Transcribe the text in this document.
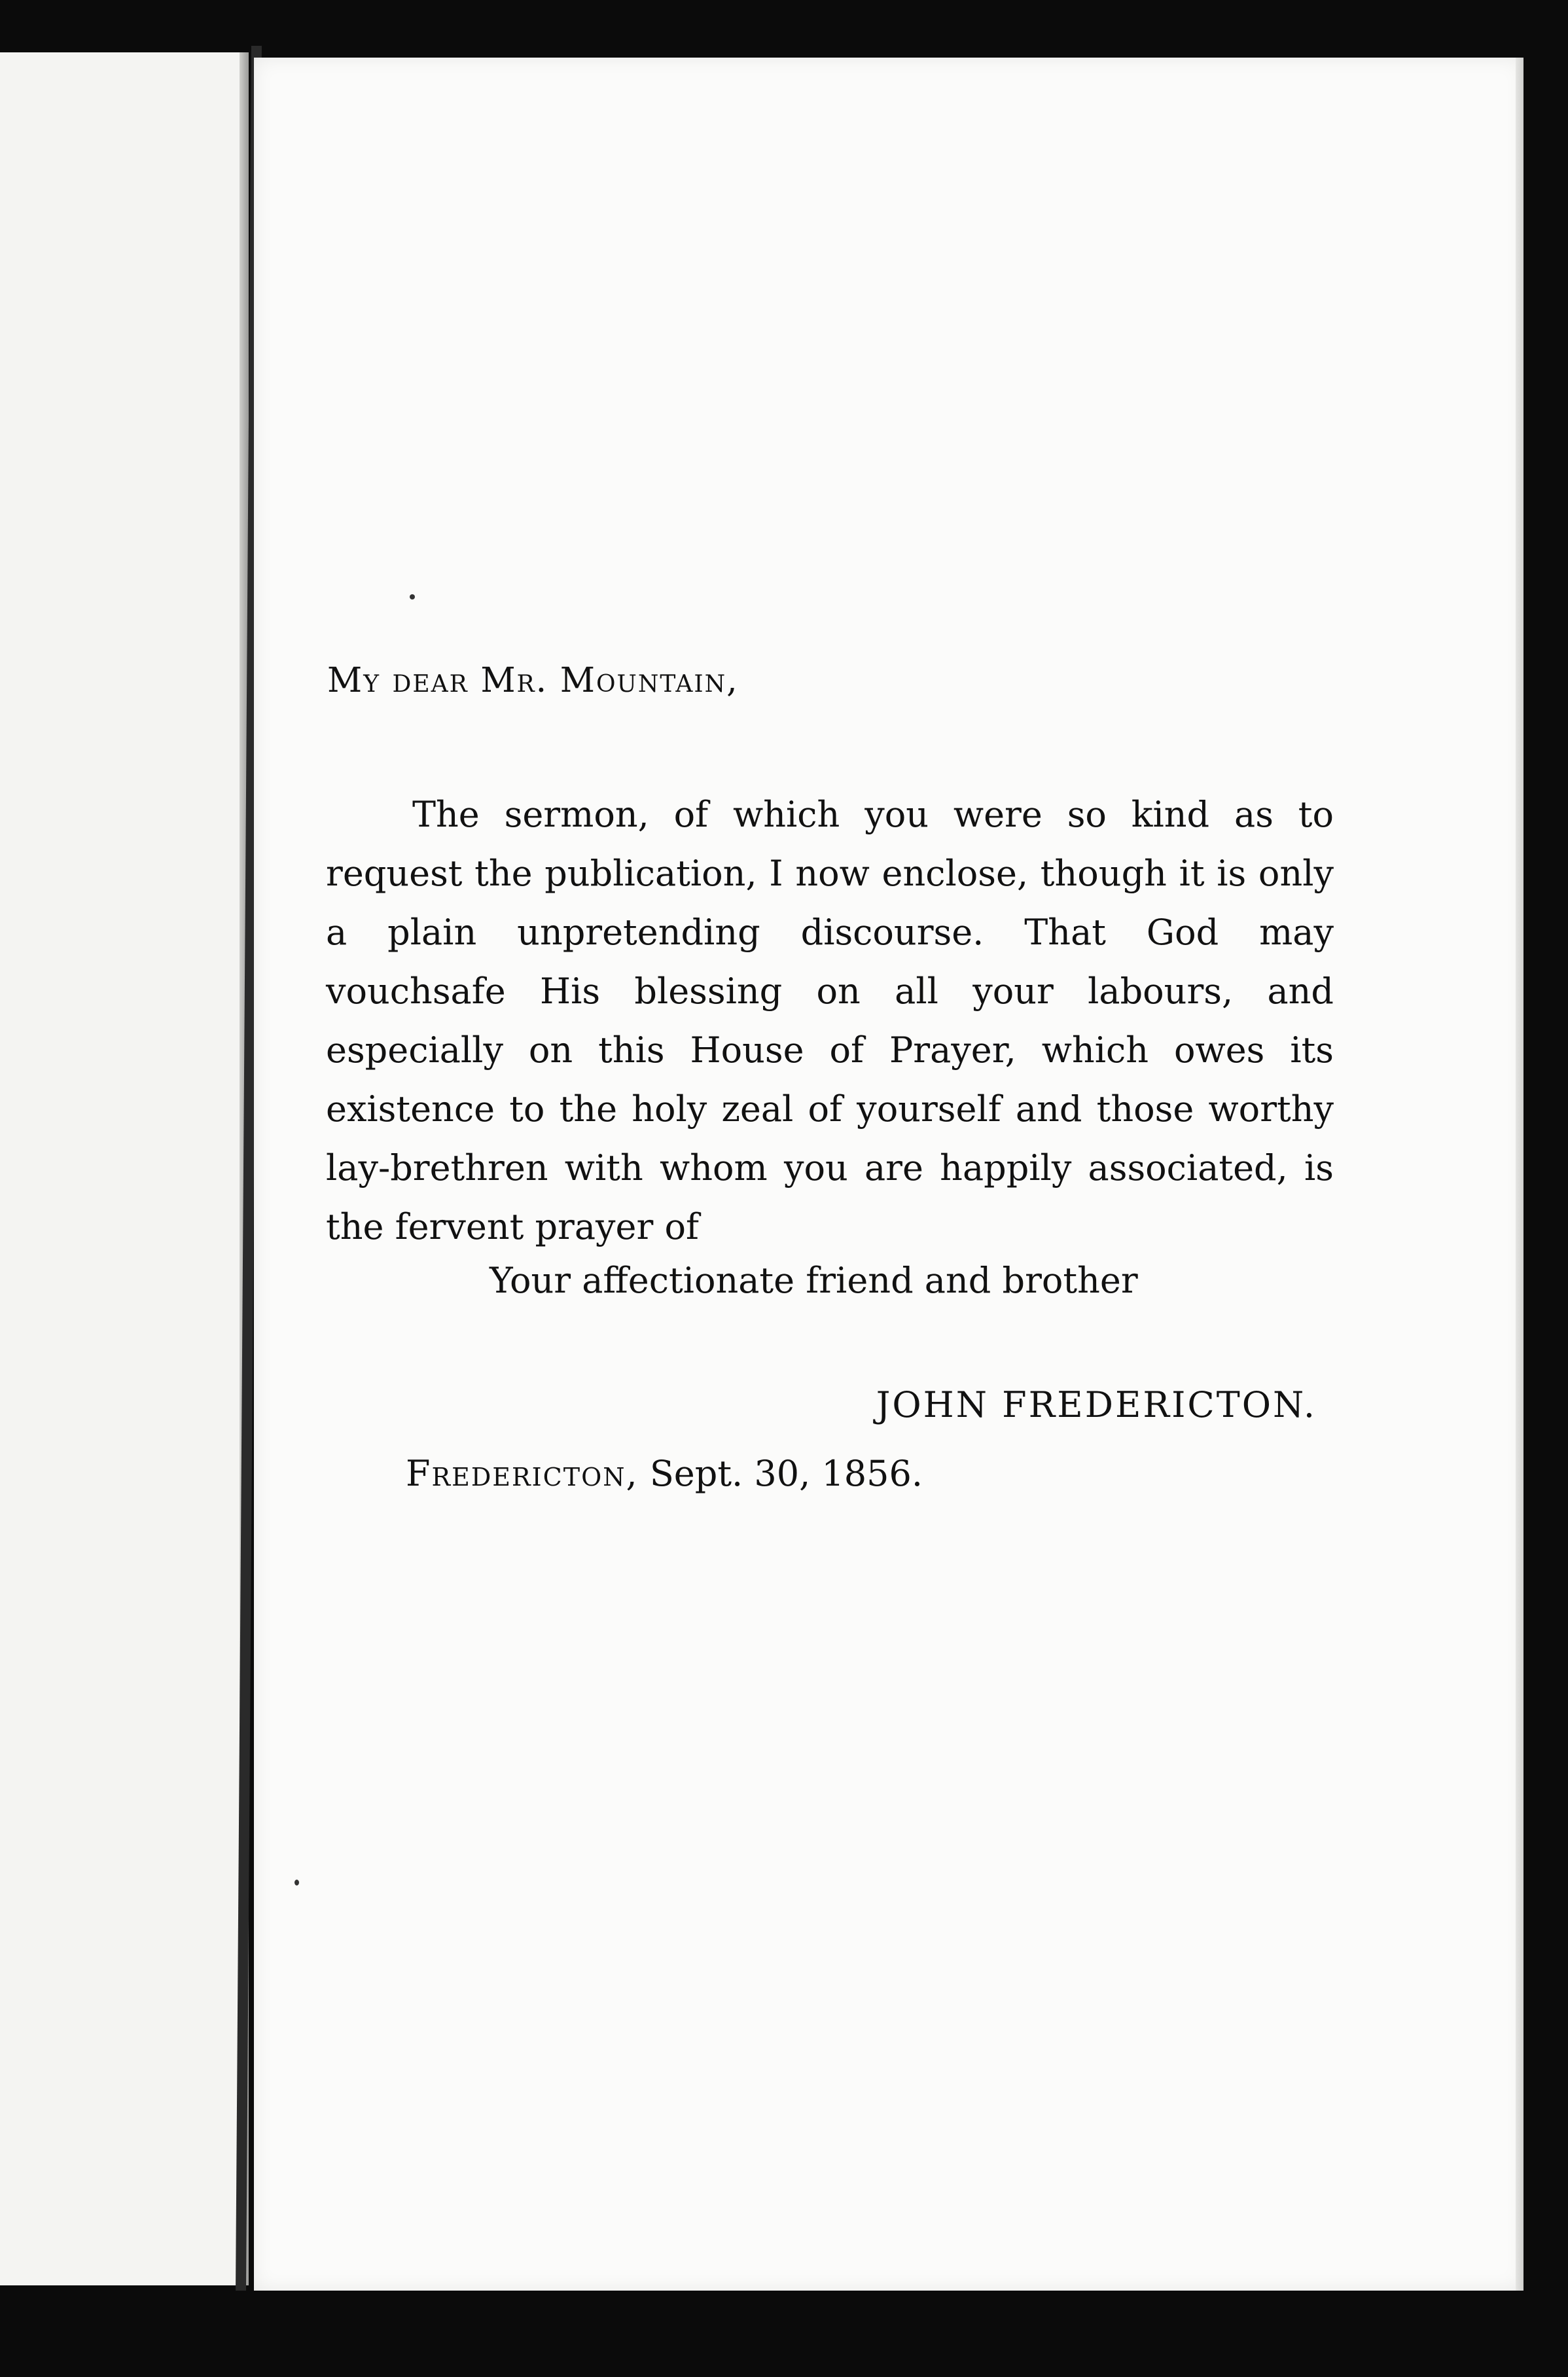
My dear Mr. Mountain,

The sermon, of which you were so kind as to request the publication, I now enclose, though it is only a plain unpretending discourse. That God may vouchsafe His blessing on all your labours, and especially on this House of Prayer, which owes its existence to the holy zeal of yourself and those worthy lay-brethren with whom you are happily associated, is the fervent prayer of

Your affectionate friend and brother
JOHN FREDERICTON.
Fredericton, Sept. 30, 1856.
